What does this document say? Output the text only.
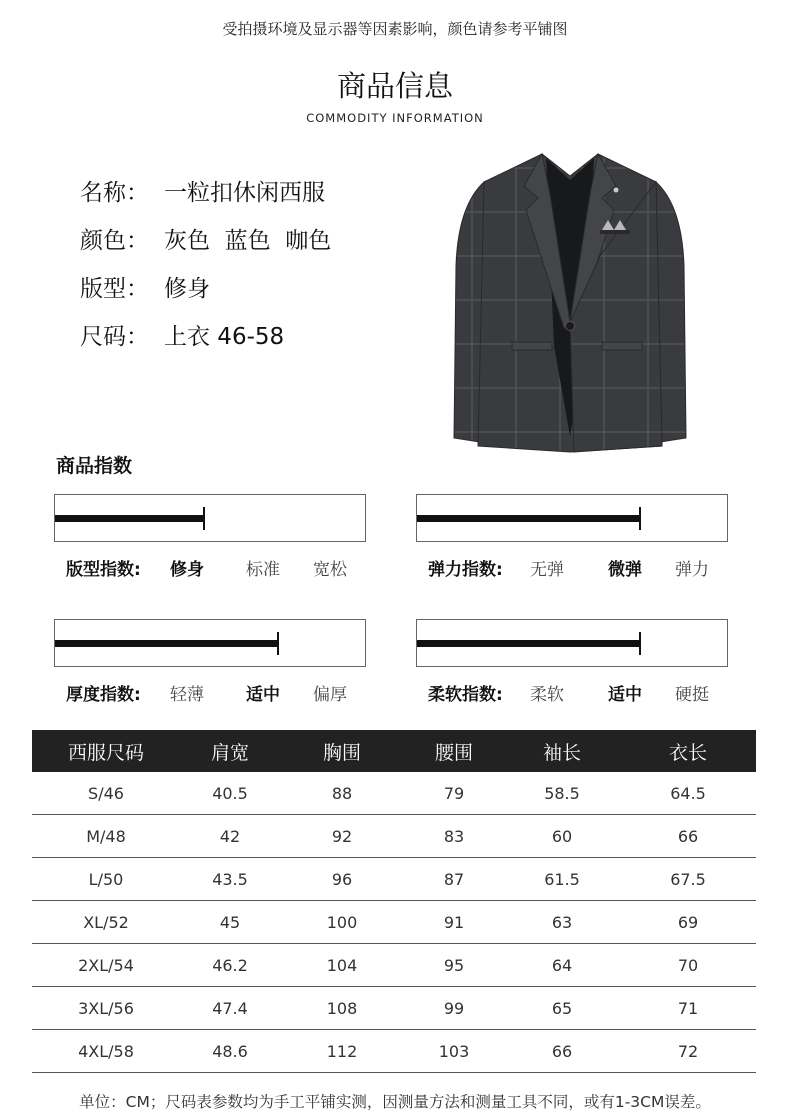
受拍摄环境及显示器等因素影响，颜色请参考平铺图
商品信息
COMMODITY INFORMATION
名称： 一粒扣休闲西服
颜色： 灰色  蓝色  咖色
版型： 修身
尺码： 上衣 46-58
商品指数
版型指数: 修身 标准 宽松	弹力指数: 无弹	微弹 弹力
厚度指数: 轻薄 适中 偏厚	柔软指数: 柔软	适中 硬挺
西服尺码	肩宽	胸围	腰围	袖长	衣长
S/46	40.5	88	79	58.5	64.5
M/48	42	92	83	60	66
L/50	43.5	96	87	61.5	67.5
XL/52	45	100	91	63	69
2XL/54	46.2	104	95	64	70
3XL/56	47.4	108	99	65	71
4XL/58	48.6	112	103	66	72
单位：CM；尺码表参数均为手工平铺实测，因测量方法和测量工具不同，或有1-3CM误差。
